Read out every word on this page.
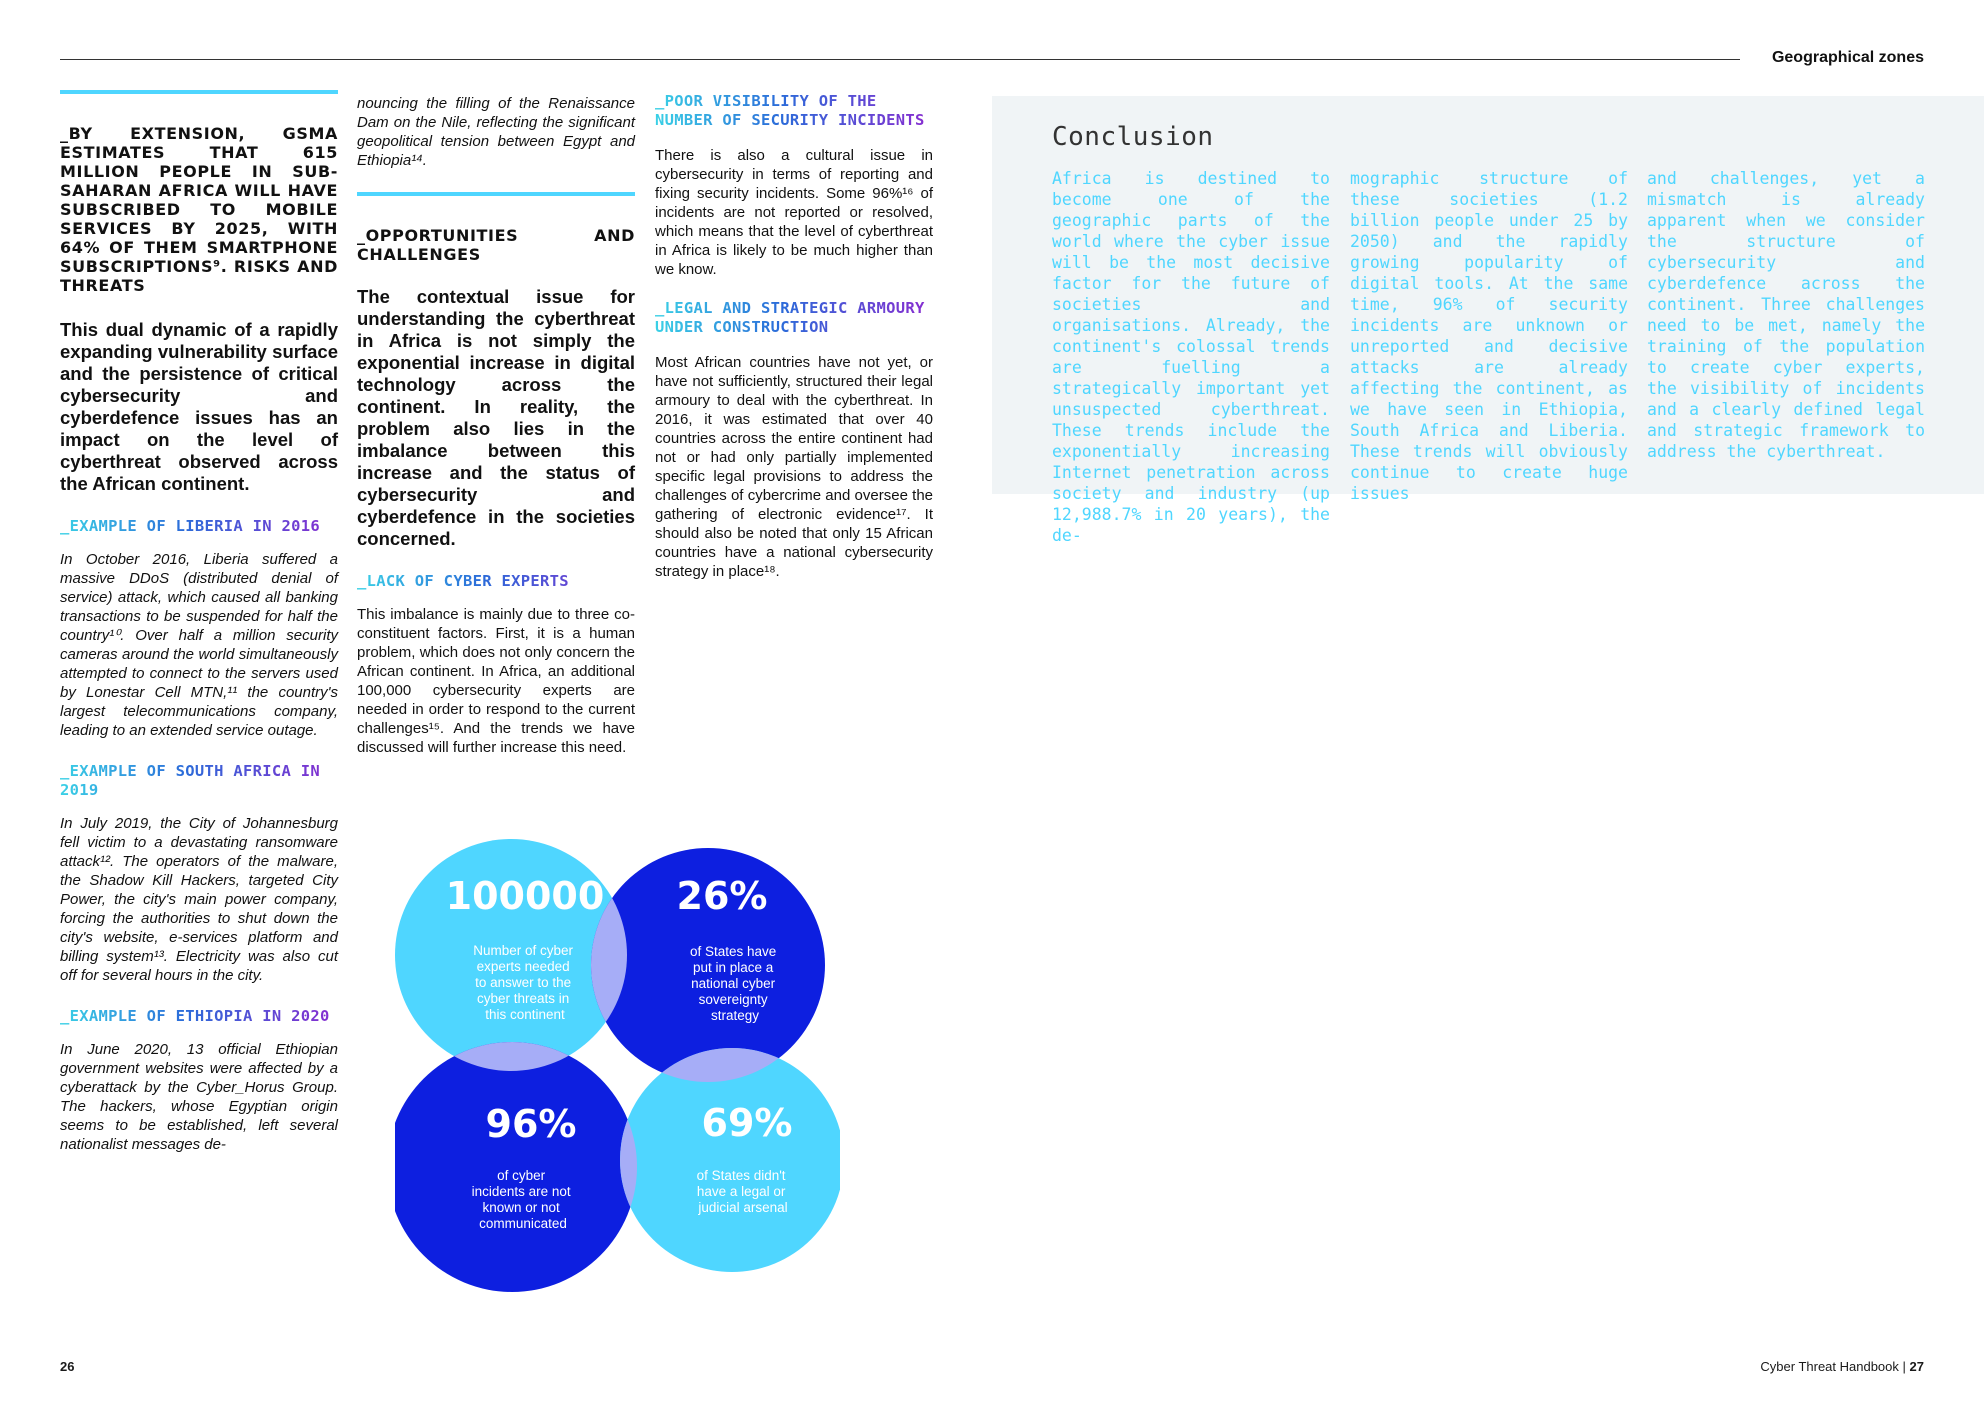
Geographical zones

_BY EXTENSION, GSMA ESTIMATES THAT 615 MILLION PEOPLE IN SUB-SAHARAN AFRICA WILL HAVE SUBSCRIBED TO MOBILE SERVICES BY 2025, WITH 64% OF THEM SMARTPHONE SUBSCRIPTIONS⁹. RISKS AND THREATS

This dual dynamic of a rapidly expanding vulnerability surface and the persistence of critical cybersecurity and cyberdefence issues has an impact on the level of cyberthreat observed across the African continent.

_EXAMPLE OF LIBERIA IN 2016

In October 2016, Liberia suffered a massive DDoS (distributed denial of service) attack, which caused all banking transactions to be suspended for half the country¹⁰. Over half a million security cameras around the world simultaneously attempted to connect to the servers used by Lonestar Cell MTN,¹¹ the country's largest telecommunications company, leading to an extended service outage.

_EXAMPLE OF SOUTH AFRICA IN 2019

In July 2019, the City of Johannesburg fell victim to a devastating ransomware attack¹². The operators of the malware, the Shadow Kill Hackers, targeted City Power, the city's main power company, forcing the authorities to shut down the city's website, e-services platform and billing system¹³. Electricity was also cut off for several hours in the city.

_EXAMPLE OF ETHIOPIA IN 2020

In June 2020, 13 official Ethiopian government websites were affected by a cyberattack by the Cyber_Horus Group. The hackers, whose Egyptian origin seems to be established, left several nationalist messages de-

nouncing the filling of the Renaissance Dam on the Nile, reflecting the significant geopolitical tension between Egypt and Ethiopia¹⁴.

_OPPORTUNITIES AND CHALLENGES

The contextual issue for understanding the cyberthreat in Africa is not simply the exponential increase in digital technology across the continent. In reality, the problem also lies in the imbalance between this increase and the status of cybersecurity and cyberdefence in the societies concerned.

_LACK OF CYBER EXPERTS

This imbalance is mainly due to three co-constituent factors. First, it is a human problem, which does not only concern the African continent. In Africa, an additional 100,000 cybersecurity experts are needed in order to respond to the current challenges¹⁵. And the trends we have discussed will further increase this need.

_POOR VISIBILITY OF THE NUMBER OF SECURITY INCIDENTS

There is also a cultural issue in cybersecurity in terms of reporting and fixing security incidents. Some 96%¹⁶ of incidents are not reported or resolved, which means that the level of cyberthreat in Africa is likely to be much higher than we know.

_LEGAL AND STRATEGIC ARMOURY UNDER CONSTRUCTION

Most African countries have not yet, or have not sufficiently, structured their legal armoury to deal with the cyberthreat. In 2016, it was estimated that over 40 countries across the entire continent had not or had only partially implemented specific legal provisions to address the challenges of cybercrime and oversee the gathering of electronic evidence¹⁷. It should also be noted that only 15 African countries have a national cybersecurity strategy in place¹⁸.

Conclusion

Africa is destined to become one of the geographic parts of the world where the cyber issue will be the most decisive factor for the future of societies and organisations. Already, the continent's colossal trends are fuelling a strategically important yet unsuspected cyberthreat. These trends include the exponentially increasing Internet penetration across society and industry (up 12,988.7% in 20 years), the de-

mographic structure of these societies (1.2 billion people under 25 by 2050) and the rapidly growing popularity of digital tools. At the same time, 96% of security incidents are unknown or unreported and decisive attacks are already affecting the continent, as we have seen in Ethiopia, South Africa and Liberia. These trends will obviously continue to create huge issues

and challenges, yet a mismatch is already apparent when we consider the structure of cybersecurity and cyberdefence across the continent. Three challenges need to be met, namely the training of the population to create cyber experts, the visibility of incidents and a clearly defined legal and strategic framework to address the cyberthreat.

100000
Number of cyber experts needed to answer to the cyber threats in this continent
26%
of States have put in place a national cyber sovereignty strategy
96%
of cyber incidents are not known or not communicated
69%
of States didn't have a legal or judicial arsenal
26	Cyber Threat Handbook | 27
